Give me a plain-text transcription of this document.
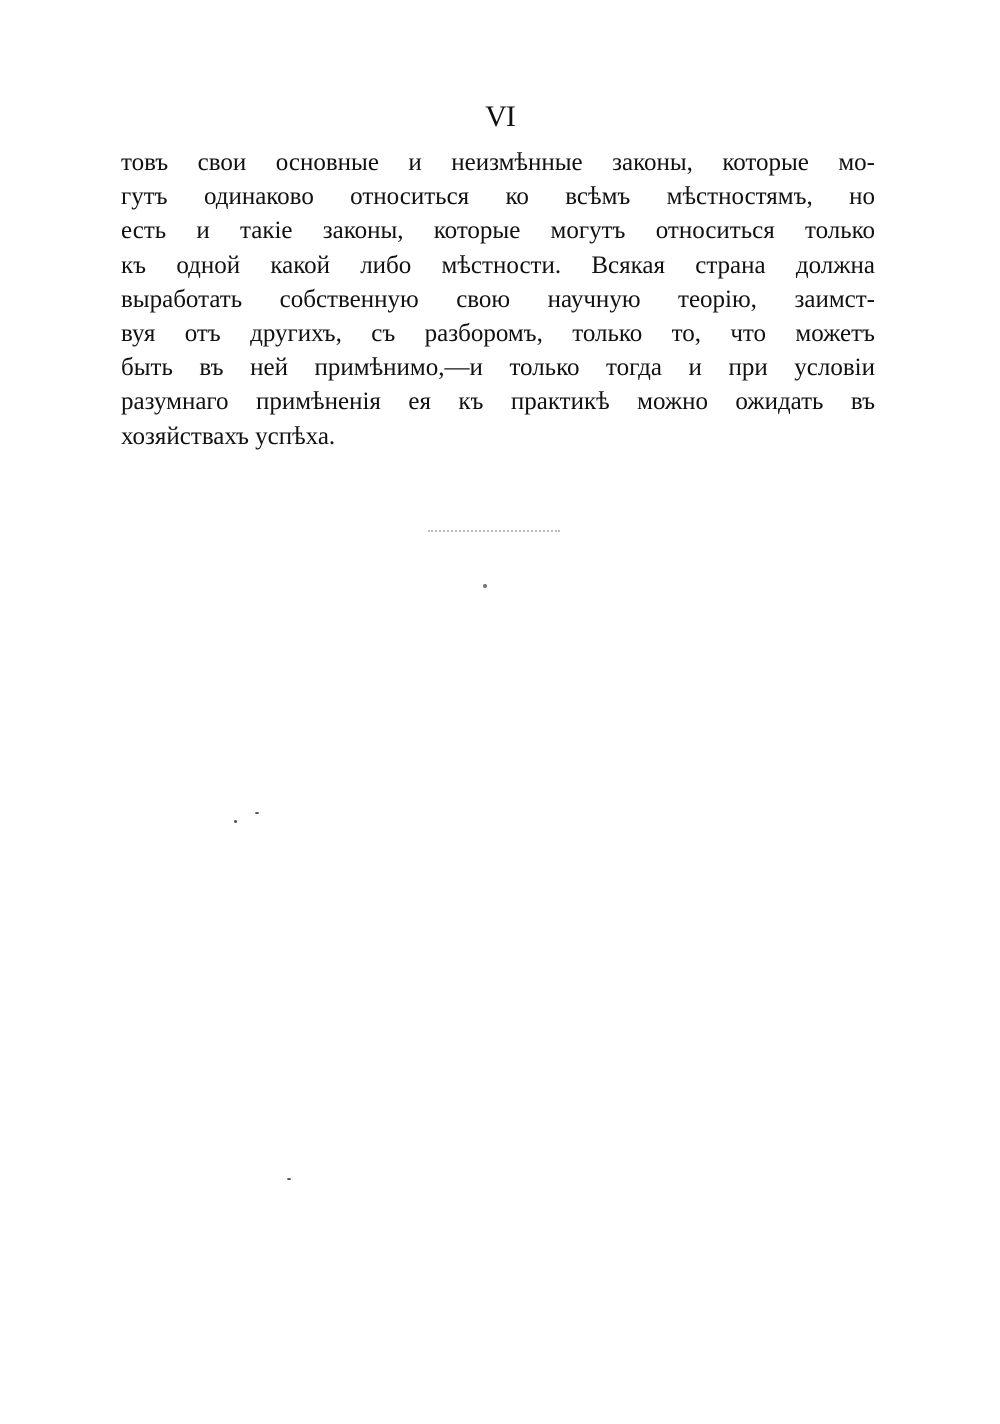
VI
товъ свои основные и неизмѣнные законы, которые мо-
гутъ одинаково относиться ко всѣмъ мѣстностямъ, но
есть и такіе законы, которые могутъ относиться только
къ одной какой либо мѣстности. Всякая страна должна
выработать собственную свою научную теорію, заимст-
вуя отъ другихъ, съ разборомъ, только то, что можетъ
быть въ ней примѣнимо,—и только тогда и при условіи
разумнаго примѣненія ея къ практикѣ можно ожидать въ
хозяйствахъ успѣха.
